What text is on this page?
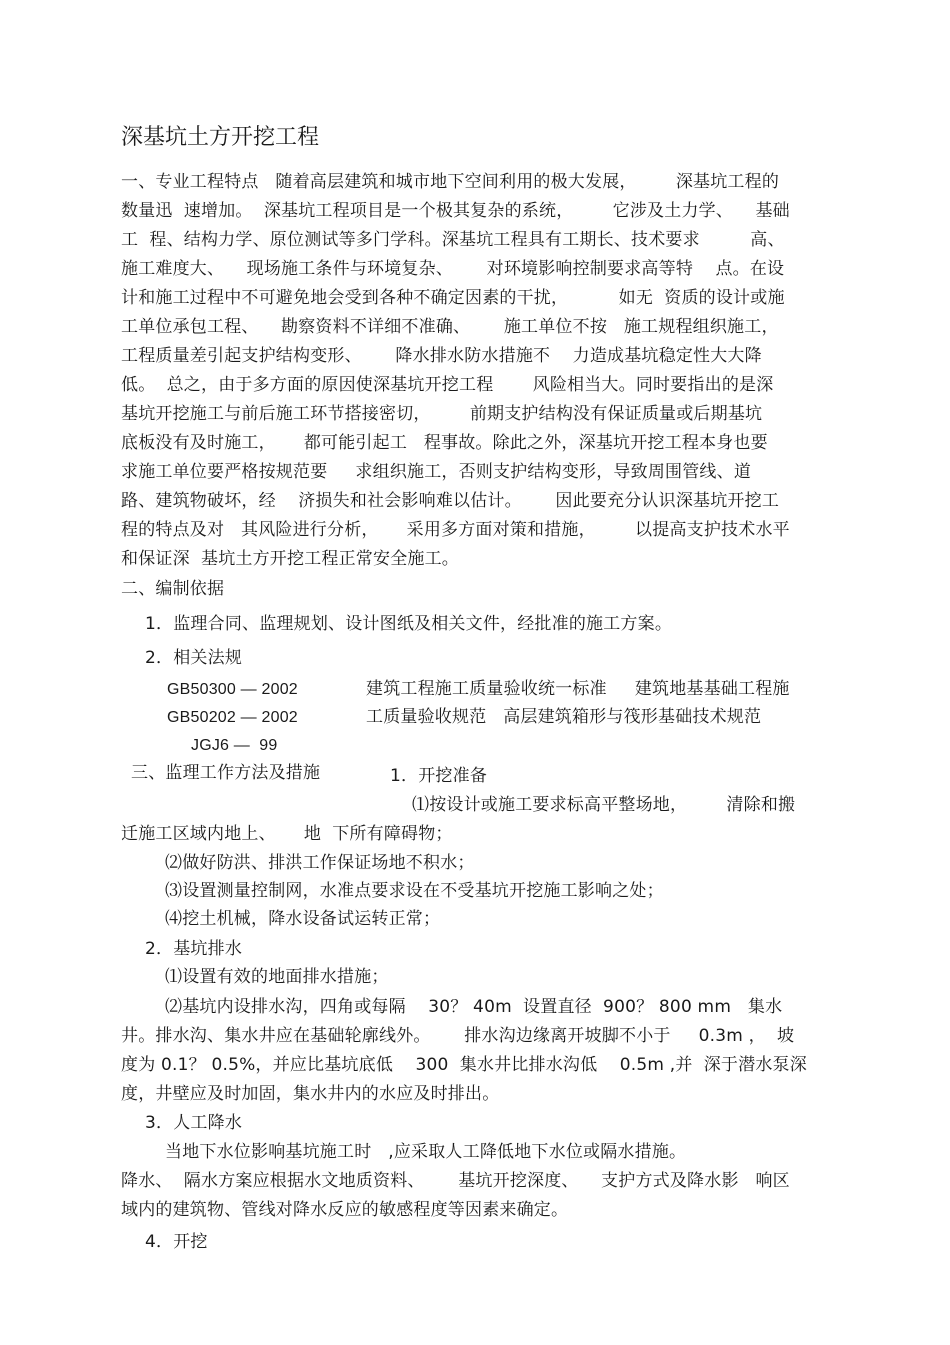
深基坑土方开挖工程
一、专业工程特点   随着高层建筑和城市地下空间利用的极大发展，       深基坑工程的
数量迅  速增加。  深基坑工程项目是一个极其复杂的系统，       它涉及土力学、    基础
工  程、结构力学、原位测试等多门学科。深基坑工程具有工期长、技术要求         高、
施工难度大、    现场施工条件与环境复杂、      对环境影响控制要求高等特    点。在设
计和施工过程中不可避免地会受到各种不确定因素的干扰，         如无  资质的设计或施
工单位承包工程、    勘察资料不详细不准确、      施工单位不按   施工规程组织施工，
工程质量差引起支护结构变形、      降水排水防水措施不    力造成基坑稳定性大大降
低。  总之，由于多方面的原因使深基坑开挖工程       风险相当大。同时要指出的是深
基坑开挖施工与前后施工环节搭接密切，       前期支护结构没有保证质量或后期基坑
底板没有及时施工，     都可能引起工   程事故。除此之外，深基坑开挖工程本身也要
求施工单位要严格按规范要     求组织施工，否则支护结构变形，导致周围管线、道
路、建筑物破坏，经    济损失和社会影响难以估计。      因此要充分认识深基坑开挖工
程的特点及对   其风险进行分析，     采用多方面对策和措施，       以提高支护技术水平
和保证深  基坑土方开挖工程正常安全施工。
二、编制依据
1．监理合同、监理规划、设计图纸及相关文件，经批准的施工方案。
2．相关法规
GB50300 — 2002	建筑工程施工质量验收统一标准     建筑地基基础工程施
GB50202 — 2002	工质量验收规范   高层建筑箱形与筏形基础技术规范
JGJ6 —  99
三、监理工作方法及措施	1．开挖准备
⑴按设计或施工要求标高平整场地，       清除和搬
迁施工区域内地上、     地  下所有障碍物；
⑵做好防洪、排洪工作保证场地不积水；
⑶设置测量控制网，水准点要求设在不受基坑开挖施工影响之处；
⑷挖土机械，降水设备试运转正常；
2．基坑排水
⑴设置有效的地面排水措施；
⑵基坑内设排水沟，四角或每隔    30？ 40m  设置直径  900？ 800 mm   集水
井。排水沟、集水井应在基础轮廓线外。      排水沟边缘离开坡脚不小于     0.3m ，  坡
度为 0.1？ 0.5%，并应比基坑底低    300  集水井比排水沟低    0.5m ,并  深于潜水泵深
度，井壁应及时加固，集水井内的水应及时排出。
3．人工降水
当地下水位影响基坑施工时   ,应采取人工降低地下水位或隔水措施。
降水、  隔水方案应根据水文地质资料、      基坑开挖深度、    支护方式及降水影   响区
域内的建筑物、管线对降水反应的敏感程度等因素来确定。
4．开挖
